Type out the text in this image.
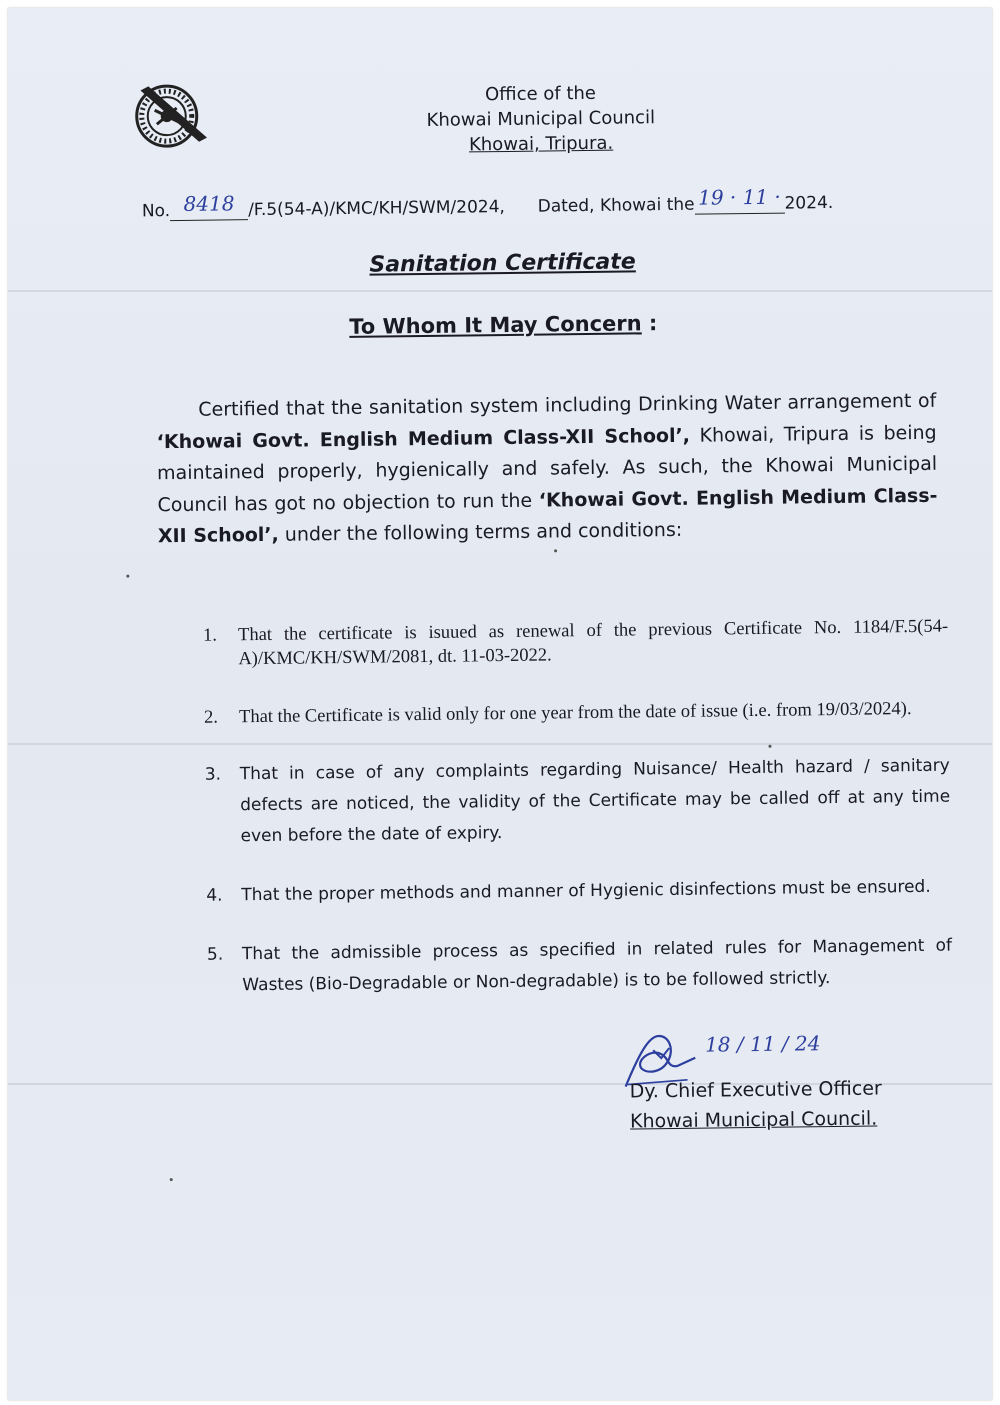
Office of the
Khowai Municipal Council
Khowai, Tripura.
No. 8418 /F.5(54-A)/KMC/KH/SWM/2024, Dated, Khowai the 19 · 11 · 2024.
Sanitation Certificate
To Whom It May Concern :
Certified that the sanitation system including Drinking Water arrangement of ‘Khowai Govt. English Medium Class-XII School’, Khowai, Tripura is being maintained properly, hygienically and safely. As such, the Khowai Municipal Council has got no objection to run the ‘Khowai Govt. English Medium Class-XII School’, under the following terms and conditions:
1. That the certificate is isuued as renewal of the previous Certificate No. 1184/F.5(54-A)/KMC/KH/SWM/2081, dt. 11-03-2022.
2. That the Certificate is valid only for one year from the date of issue (i.e. from 19/03/2024).
3. That in case of any complaints regarding Nuisance/ Health hazard / sanitary defects are noticed, the validity of the Certificate may be called off at any time even before the date of expiry.
4. That the proper methods and manner of Hygienic disinfections must be ensured.
5. That the admissible process as specified in related rules for Management of Wastes (Bio-Degradable or Non-degradable) is to be followed strictly.
18 / 11 / 24
Dy. Chief Executive Officer
Khowai Municipal Council.
